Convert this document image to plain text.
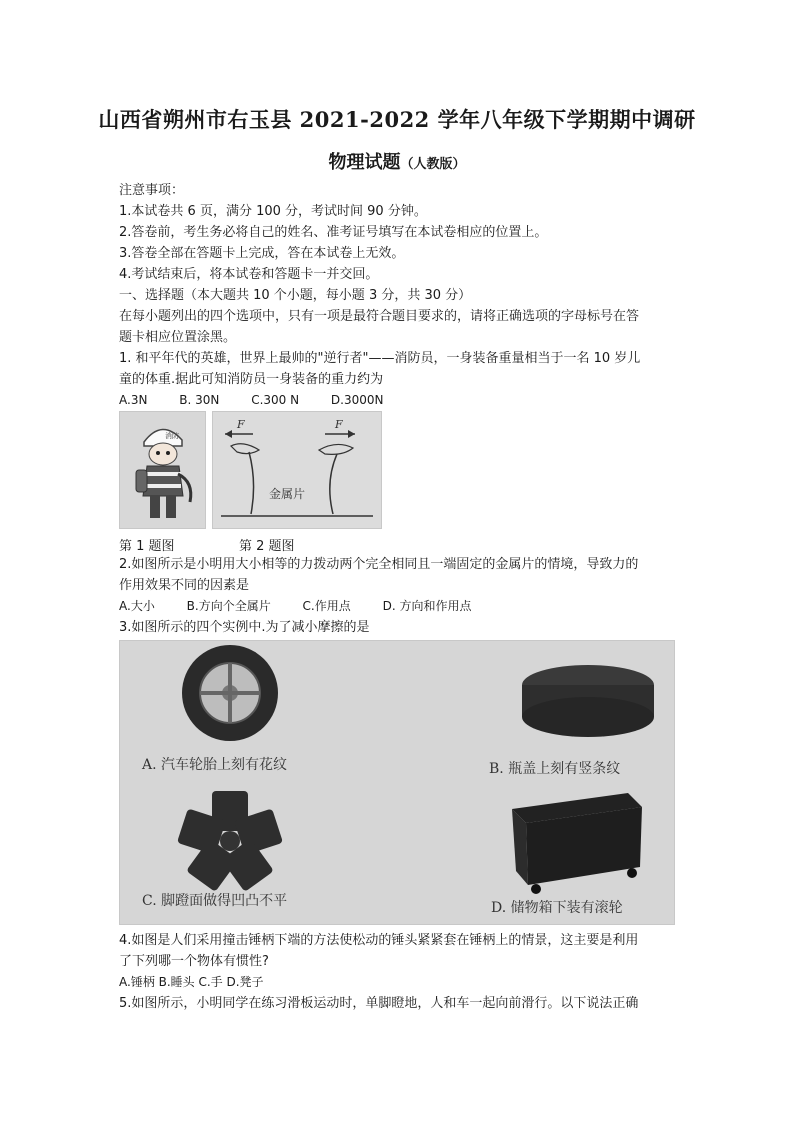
山西省朔州市右玉县 2021-2022 学年八年级下学期期中调研
物理试题（人教版）
注意事项：
1.本试卷共 6 页，满分 100 分，考试时间 90 分钟。
2.答卷前，考生务必将自己的姓名、准考证号填写在本试卷相应的位置上。
3.答卷全部在答题卡上完成，答在本试卷上无效。
4.考试结束后，将本试卷和答题卡一并交回。
一、选择题（本大题共 10 个小题，每小题 3 分，共 30 分）
在每小题列出的四个选项中，只有一项是最符合题目要求的，请将正确选项的字母标号在答
题卡相应位置涂黑。
1. 和平年代的英雄，世界上最帅的"逆行者"——消防员，一身装备重量相当于一名 10 岁儿
童的体重.据此可知消防员一身装备的重力约为
A.3N	B. 30N	C.300 N	D.3000N
消防
F	F
金属片
第 1 题图	第 2 题图
2.如图所示是小明用大小相等的力拨动两个完全相同且一端固定的金属片的情境，导致力的
作用效果不同的因素是
A.大小	B.方向个全属片	C.作用点	D. 方向和作用点
3.如图所示的四个实例中.为了减小摩擦的是
A. 汽车轮胎上刻有花纹	B. 瓶盖上刻有竖条纹
C. 脚蹬面做得凹凸不平	D. 储物箱下装有滚轮
4.如图是人们采用撞击锤柄下端的方法使松动的锤头紧紧套在锤柄上的情景，这主要是利用
了下列哪一个物体有惯性?
A.锤柄 B.睡头 C.手 D.凳子
5.如图所示，小明同学在练习滑板运动时，单脚瞪地，人和车一起向前滑行。以下说法正确
